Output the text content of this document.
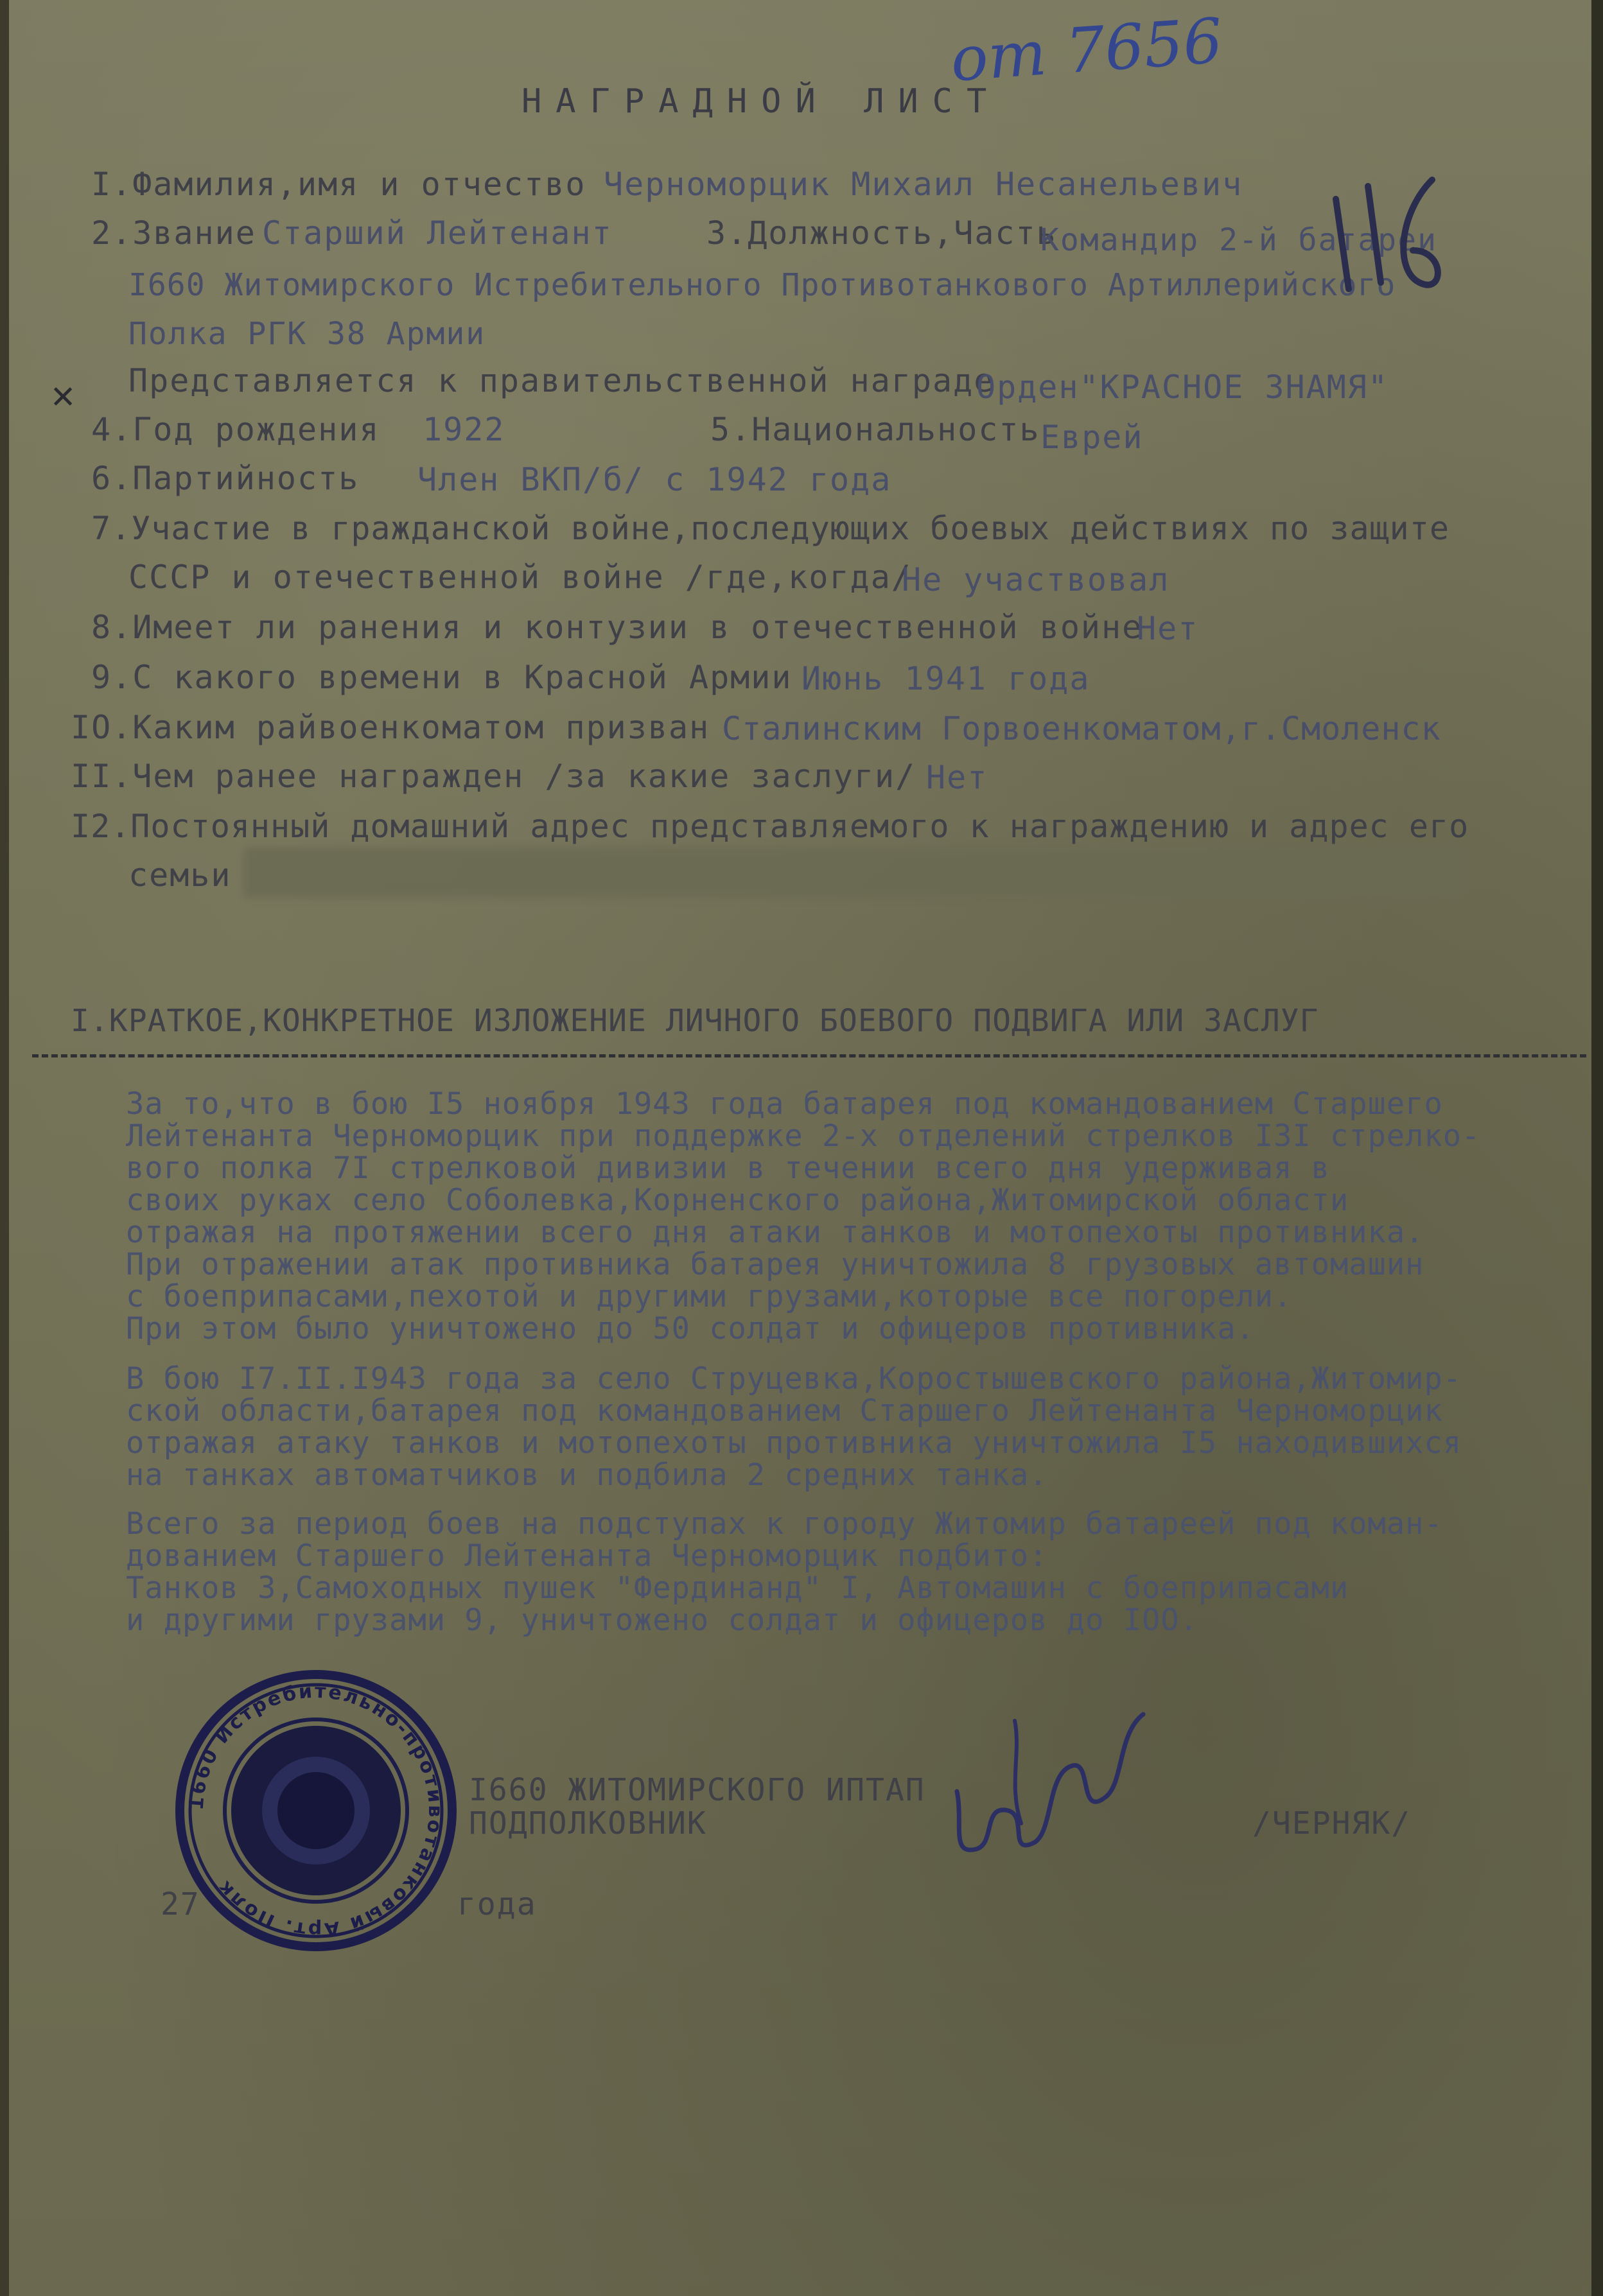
от 7656
НАГРАДНОЙ ЛИСТ
I.Фамилия,имя и отчество Черноморцик Михаил Несанельевич
2.Звание Старший Лейтенант	3.Должность,Часть
Командир 2-й батареи
I660 Житомирского Истребительного Противотанкового Артиллерийского
Полка РГК 38 Армии
✕ Представляется к правительственной награде
Орден"КРАСНОЕ ЗНАМЯ"
4.Год рождения 1922	5.Национальность Еврей
6.Партийность Член ВКП/б/ с 1942 года
7.Участие в гражданской войне,последующих боевых действиях по защите
СССР и отечественной войне /где,когда/
Не участвовал
8.Имеет ли ранения и контузии в отечественной войне
Нет
9.С какого времени в Красной Армии Июнь 1941 года
IO.Каким райвоенкоматом призван Сталинским Горвоенкоматом,г.Смоленск
II.Чем ранее награжден /за какие заслуги/ Нет
I2.Постоянный домашний адрес представляемого к награждению и адрес его
семьи
I.КРАТКОЕ,КОНКРЕТНОЕ ИЗЛОЖЕНИЕ ЛИЧНОГО БОЕВОГО ПОДВИГА ИЛИ ЗАСЛУГ
За то,что в бою I5 ноября 1943 года батарея под командованием Старшего
Лейтенанта Черноморцик при поддержке 2-х отделений стрелков I3I стрелко-
вого полка 7I стрелковой дивизии в течении всего дня удерживая в
своих руках село Соболевка,Корненского района,Житомирской области
отражая на протяжении всего дня атаки танков и мотопехоты противника.
При отражении атак противника батарея уничтожила 8 грузовых автомашин
с боеприпасами,пехотой и другими грузами,которые все погорели.
При этом было уничтожено до 50 солдат и офицеров противника.
В бою I7.II.I943 года за село Струцевка,Коростышевского района,Житомир-
ской области,батарея под командованием Старшего Лейтенанта Черноморцик
отражая атаку танков и мотопехоты противника уничтожила I5 находившихся
на танках автоматчиков и подбила 2 средних танка.
Всего за период боев на подступах к городу Житомир батареей под коман-
дованием Старшего Лейтенанта Черноморцик подбито:
Танков 3,Самоходных пушек "Фердинанд" I, Автомашин с боеприпасами
и другими грузами 9, уничтожено солдат и офицеров до IOO.
I660 ЖИТОМИРСКОГО ИПТАП
ПОДПОЛКОВНИК	/ЧЕРНЯК/
27	года
1660 Истребительно-противотанковый Арт. Полк
